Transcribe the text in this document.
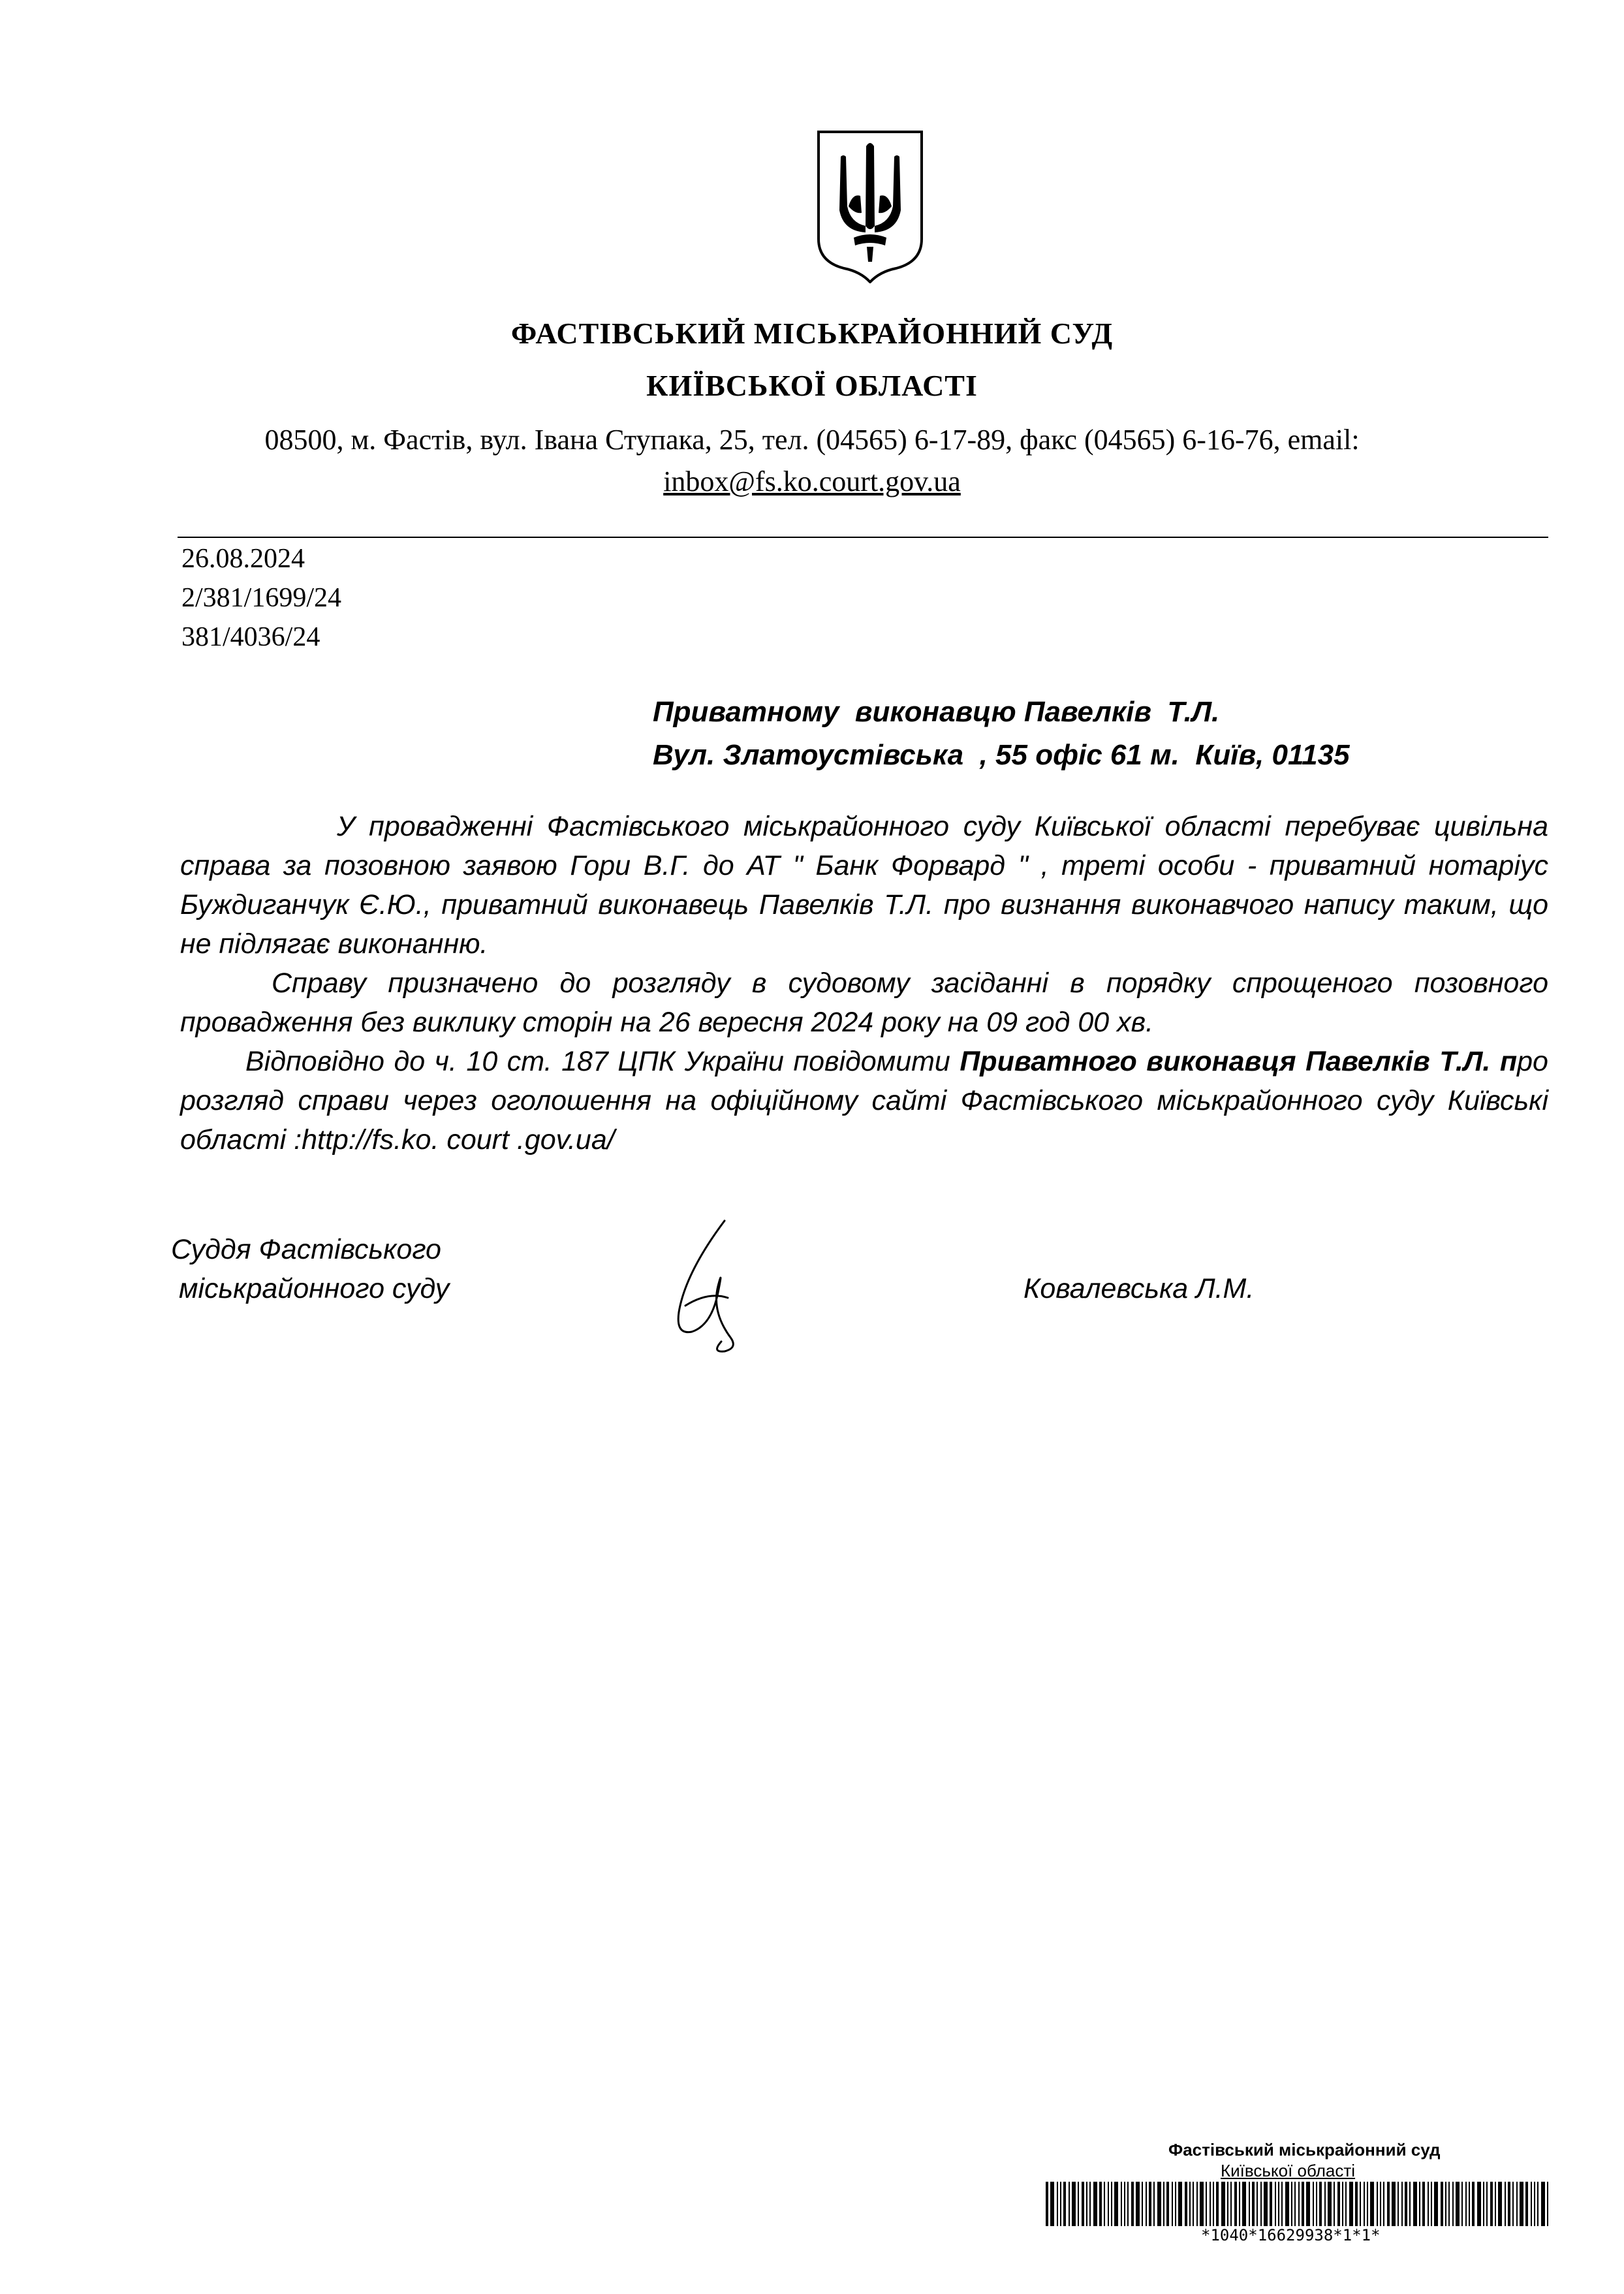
ФАСТІВСЬКИЙ МІСЬКРАЙОННИЙ СУД
КИЇВСЬКОЇ ОБЛАСТІ
08500, м. Фастів, вул. Івана Ступака, 25, тел. (04565) 6-17-89, факс (04565) 6-16-76, email:
inbox@fs.ko.court.gov.ua
26.08.2024
2/381/1699/24
381/4036/24
Приватному  виконавцю Павелків  Т.Л.
Вул. Златоустівська  , 55 офіс 61 м.  Київ, 01135

У провадженні Фастівського міськрайонного суду Київської області перебуває цивільна справа за позовною заявою Гори В.Г. до АТ " Банк Форвард " , треті особи - приватний нотаріус Буждиганчук Є.Ю., приватний виконавець Павелків Т.Л. про визнання виконавчого напису таким, що не підлягає виконанню.

Справу призначено до розгляду в судовому засіданні в порядку спрощеного позовного провадження без виклику сторін на 26 вересня 2024 року на 09 год 00 хв.

Відповідно до ч. 10 ст. 187 ЦПК України повідомити Приватного виконавця Павелків Т.Л. про розгляд справи через оголошення на офіційному сайті Фастівського міськрайонного суду Київські області :http://fs.ko. court .gov.ua/

Суддя Фастівського
міськрайонного суду	Ковалевська Л.М.
Фастівський міськрайонний суд
Київської області
*1040*16629938*1*1*
